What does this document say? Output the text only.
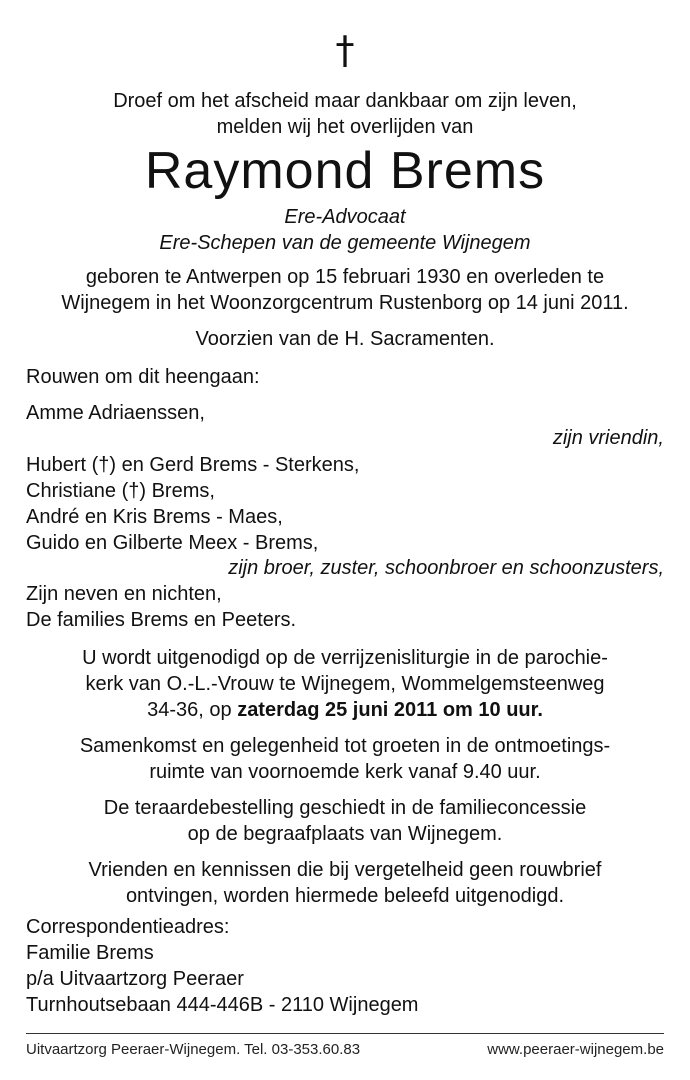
†
Droef om het afscheid maar dankbaar om zijn leven,
melden wij het overlijden van
Raymond Brems
Ere-Advocaat
Ere-Schepen van de gemeente Wijnegem
geboren te Antwerpen op 15 februari 1930 en overleden te
Wijnegem in het Woonzorgcentrum Rustenborg op 14 juni 2011.
Voorzien van de H. Sacramenten.
Rouwen om dit heengaan:
Amme Adriaenssen,
zijn vriendin,
Hubert (†) en Gerd Brems - Sterkens,
Christiane (†) Brems,
André en Kris Brems - Maes,
Guido en Gilberte Meex - Brems,
zijn broer, zuster, schoonbroer en schoonzusters,
Zijn neven en nichten,
De families Brems en Peeters.
U wordt uitgenodigd op de verrijzenisliturgie in de parochie-
kerk van O.-L.-Vrouw te Wijnegem, Wommelgemsteenweg
34-36, op zaterdag 25 juni 2011 om 10 uur.
Samenkomst en gelegenheid tot groeten in de ontmoetings-
ruimte van voornoemde kerk vanaf 9.40 uur.
De teraardebestelling geschiedt in de familieconcessie
op de begraafplaats van Wijnegem.
Vrienden en kennissen die bij vergetelheid geen rouwbrief
ontvingen, worden hiermede beleefd uitgenodigd.
Correspondentieadres:
Familie Brems
p/a Uitvaartzorg Peeraer
Turnhoutsebaan 444-446B - 2110 Wijnegem
Uitvaartzorg Peeraer-Wijnegem. Tel. 03-353.60.83	www.peeraer-wijnegem.be
